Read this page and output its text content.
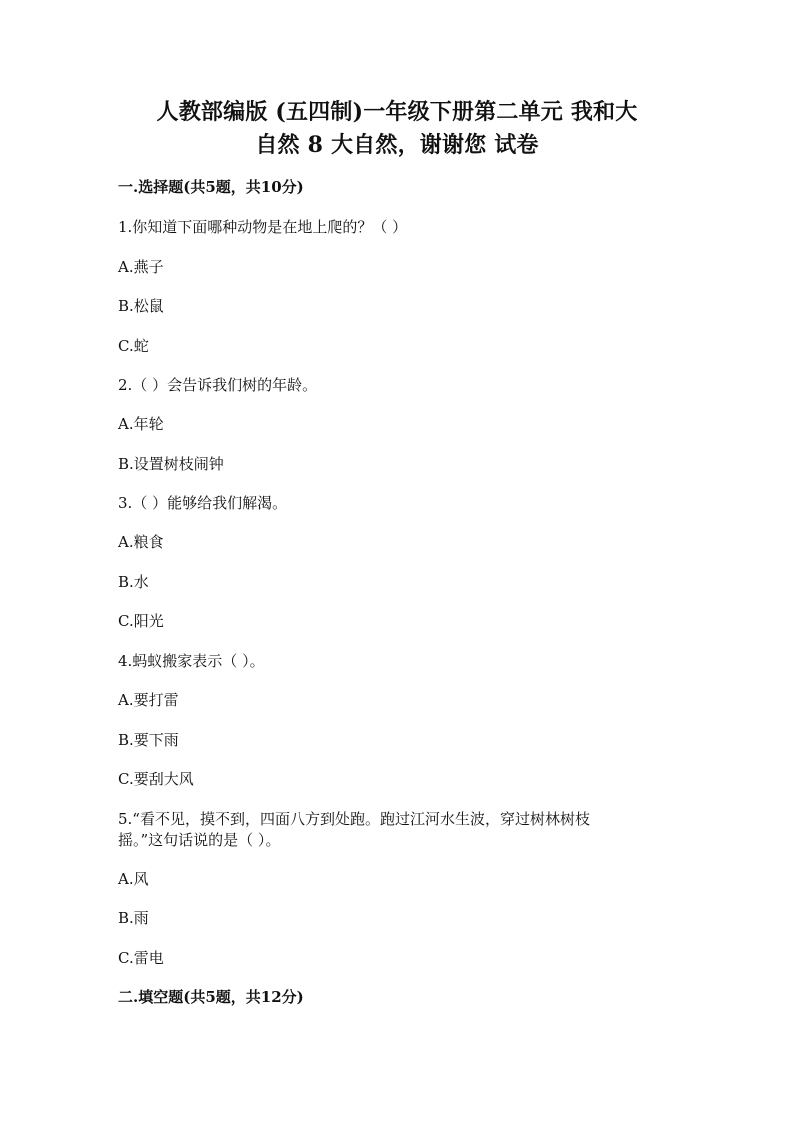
人教部编版 (五四制)一年级下册第二单元 我和大
自然 8 大自然，谢谢您 试卷
一.选择题(共5题，共10分)
1.你知道下面哪种动物是在地上爬的？（ ）
A.燕子
B.松鼠
C.蛇
2.（ ）会告诉我们树的年龄。
A.年轮
B.设置树枝闹钟
3.（ ）能够给我们解渴。
A.粮食
B.水
C.阳光
4.蚂蚁搬家表示（ ）。
A.要打雷
B.要下雨
C.要刮大风
5.“看不见，摸不到，四面八方到处跑。跑过江河水生波，穿过树林树枝
摇。”这句话说的是（ ）。
A.风
B.雨
C.雷电
二.填空题(共5题，共12分)
